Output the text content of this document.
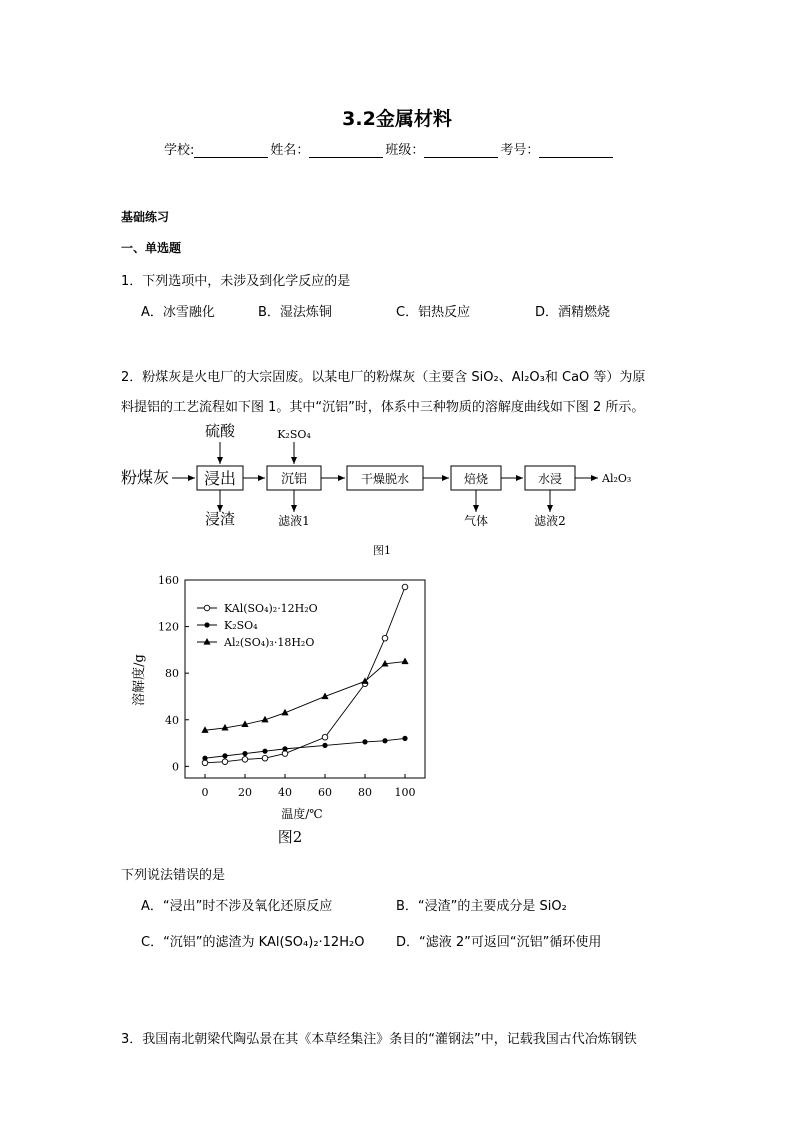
3.2金属材料
学校:	姓名：	班级：	考号：
基础练习
一、单选题
1．下列选项中，未涉及到化学反应的是
A．冰雪融化	B．湿法炼铜	C．铝热反应	D．酒精燃烧
2．粉煤灰是火电厂的大宗固废。以某电厂的粉煤灰（主要含 SiO₂、Al₂O₃和 CaO 等）为原
料提铝的工艺流程如下图 1。其中“沉铝”时，体系中三种物质的溶解度曲线如下图 2 所示。
粉煤灰 浸出	沉铝	干燥脱水	焙烧	水浸	Al₂O₃
硫酸	K₂SO₄
浸渣	滤液1	气体	滤液2
图1
0	20 40 60 80 100
0
40
80
120
160
KAl(SO₄)₂·12H₂O
K₂SO₄
Al₂(SO₄)₃·18H₂O
温度/℃
溶解度/g
图2
下列说法错误的是
A．“浸出”时不涉及氧化还原反应	B．“浸渣”的主要成分是 SiO₂
C．“沉铝”的滤渣为 KAl(SO₄)₂·12H₂O D．“滤液 2”可返回“沉铝”循环使用
3．我国南北朝梁代陶弘景在其《本草经集注》条目的“灌钢法”中，记载我国古代冶炼钢铁
